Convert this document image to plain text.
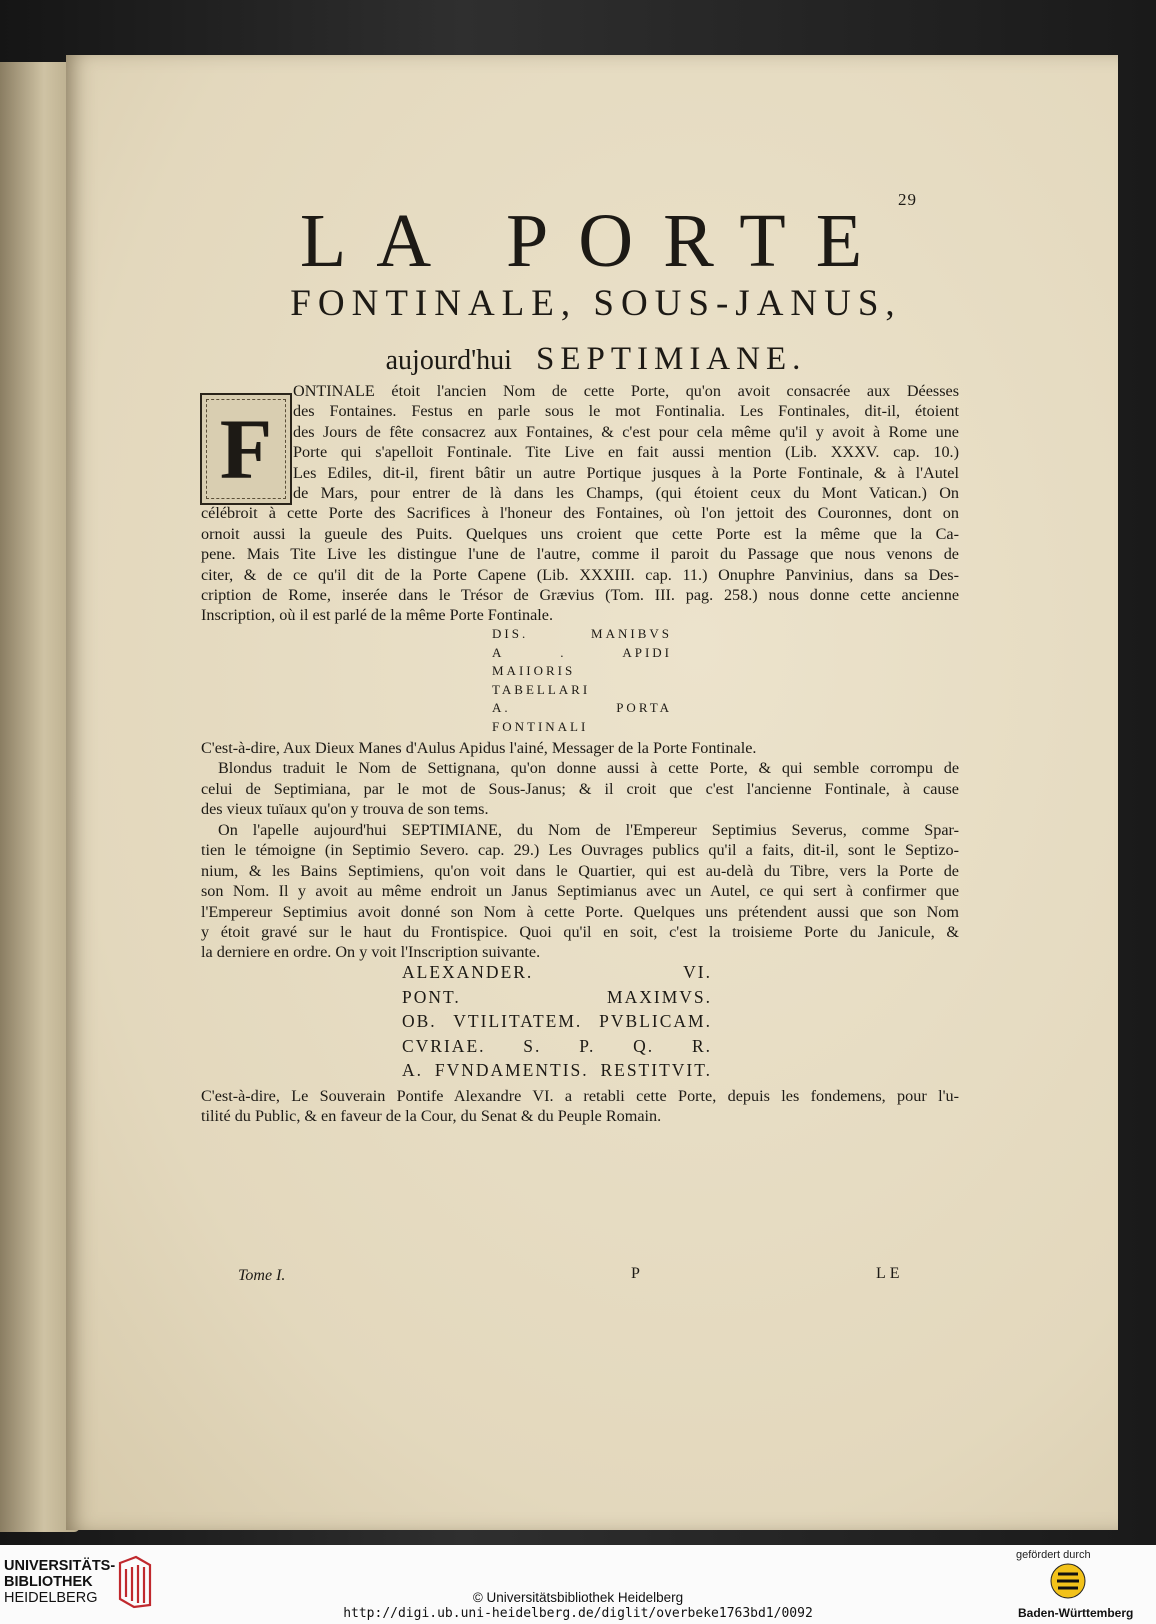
29
LA PORTE
FONTINALE, SOUS-JANUS,
aujourd'hui SEPTIMIANE.
F
Tome I.	P	LE
ONTINALE étoit l'ancien Nom de cette Porte, qu'on avoit consacrée aux Déesses
des Fontaines. Festus en parle sous le mot Fontinalia. Les Fontinales, dit-il, étoient
des Jours de fête consacrez aux Fontaines, & c'est pour cela même qu'il y avoit à Rome une
Porte qui s'apelloit Fontinale. Tite Live en fait aussi mention (Lib. XXXV. cap. 10.)
Les Ediles, dit-il, firent bâtir un autre Portique jusques à la Porte Fontinale, & à l'Autel
de Mars, pour entrer de là dans les Champs, (qui étoient ceux du Mont Vatican.) On
célébroit à cette Porte des Sacrifices à l'honeur des Fontaines, où l'on jettoit des Couronnes, dont on
ornoit aussi la gueule des Puits. Quelques uns croient que cette Porte est la même que la Ca-
pene. Mais Tite Live les distingue l'une de l'autre, comme il paroit du Passage que nous venons de
citer, & de ce qu'il dit de la Porte Capene (Lib. XXXIII. cap. 11.) Onuphre Panvinius, dans sa Des-
cription de Rome, inserée dans le Trésor de Grævius (Tom. III. pag. 258.) nous donne cette ancienne
Inscription, où il est parlé de la même Porte Fontinale.
DIS. MANIBVS
A . APIDI
MAIIORIS
TABELLARI
A. PORTA
FONTINALI
C'est-à-dire, Aux Dieux Manes d'Aulus Apidus l'ainé, Messager de la Porte Fontinale.
Blondus traduit le Nom de Settignana, qu'on donne aussi à cette Porte, & qui semble corrompu de
celui de Septimiana, par le mot de Sous-Janus; & il croit que c'est l'ancienne Fontinale, à cause
des vieux tuïaux qu'on y trouva de son tems.
On l'apelle aujourd'hui SEPTIMIANE, du Nom de l'Empereur Septimius Severus, comme Spar-
tien le témoigne (in Septimio Severo. cap. 29.) Les Ouvrages publics qu'il a faits, dit-il, sont le Septizo-
nium, & les Bains Septimiens, qu'on voit dans le Quartier, qui est au-delà du Tibre, vers la Porte de
son Nom. Il y avoit au même endroit un Janus Septimianus avec un Autel, ce qui sert à confirmer que
l'Empereur Septimius avoit donné son Nom à cette Porte. Quelques uns prétendent aussi que son Nom
y étoit gravé sur le haut du Frontispice. Quoi qu'il en soit, c'est la troisieme Porte du Janicule, &
la derniere en ordre. On y voit l'Inscription suivante.
ALEXANDER. VI.
PONT. MAXIMVS.
OB. VTILITATEM. PVBLICAM.
CVRIAE. S. P. Q. R.
A. FVNDAMENTIS. RESTITVIT.
C'est-à-dire, Le Souverain Pontife Alexandre VI. a retabli cette Porte, depuis les fondemens, pour l'u-
tilité du Public, & en faveur de la Cour, du Senat & du Peuple Romain.
UNIVERSITÄTS-
BIBLIOTHEK
HEIDELBERG	© Universitätsbibliothek Heidelberg
http://digi.ub.uni-heidelberg.de/diglit/overbeke1763bd1/0092
gefördert durch
Baden-Württemberg
